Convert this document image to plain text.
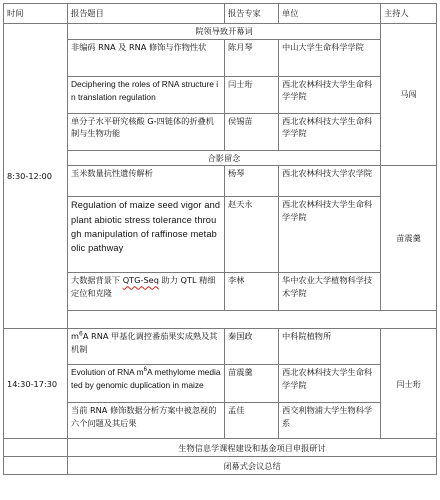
时间	报告题目	报告专家	单位	主持人
8:30-12:00	院领导致开幕词			马闯
	非编码 RNA 及 RNA 修饰与作物性状	陈月琴	中山大学生命科学学院	
	Deciphering the roles of RNA structure in translation regulation	闫士珩	西北农林科技大学生命科学学院	
	单分子水平研究核酸 G-四链体的折叠机制与生物功能	侯锡苗	西北农林科技大学生命科学学院	
	合影留念			
	玉米数量抗性遗传解析	杨琴	西北农林科技大学农学院	苗震羹
	Regulation of maize seed vigor and plant abiotic stress tolerance through manipulation of raffinose metabolic pathway	赵天永	西北农林科技大学生命科学学院	
	大数据背景下 QTG-Seq 助力 QTL 精细定位和克隆	李林	华中农业大学植物科学技术学院	

14:30-17:30	$m^6A$ RNA 甲基化调控番茄果实成熟及其机制	秦国政	中科院植物所	闫士珩
	Evolution of RNA $m^6A$ methylome mediated by genomic duplication in maize	苗震羹	西北农林科技大学生命科学学院	
	当前 RNA 修饰数据分析方案中被忽视的六个问题及其后果	孟佳	西交利物浦大学生物科学系	
	生物信息学课程建设和基金项目申报研讨			
	闭幕式会议总结			
